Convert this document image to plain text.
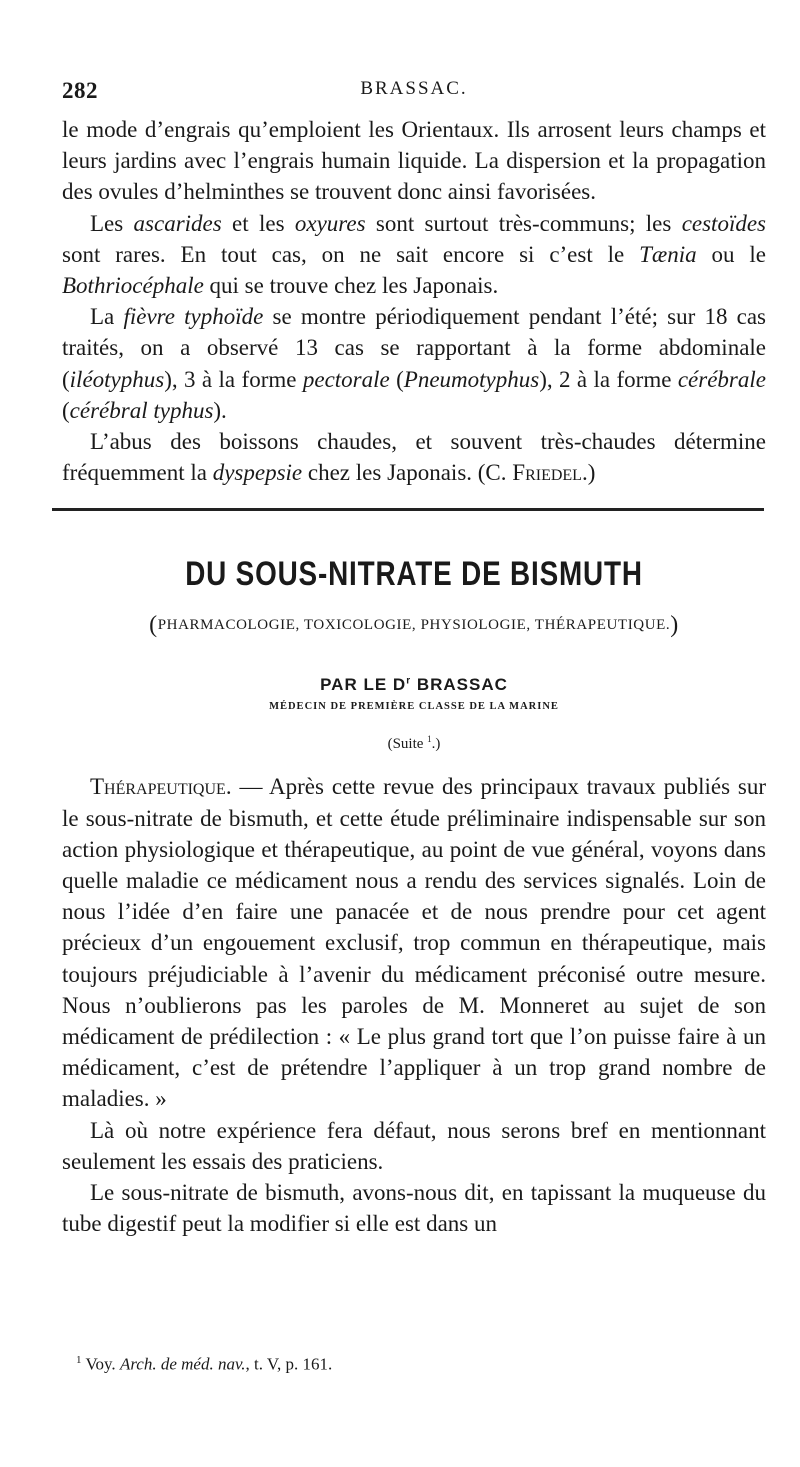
282	BRASSAC.

le mode d’engrais qu’emploient les Orientaux. Ils arrosent leurs champs et leurs jardins avec l’engrais humain liquide. La dispersion et la propagation des ovules d’helminthes se trouvent donc ainsi favorisées.

Les ascarides et les oxyures sont surtout très-communs; les cestoïdes sont rares. En tout cas, on ne sait encore si c’est le Tænia ou le Bothriocéphale qui se trouve chez les Japonais.

La fièvre typhoïde se montre périodiquement pendant l’été; sur 18 cas traités, on a observé 13 cas se rapportant à la forme abdominale (iléotyphus), 3 à la forme pectorale (Pneumotyphus), 2 à la forme cérébrale (cérébral typhus).

L’abus des boissons chaudes, et souvent très-chaudes détermine fréquemment la dyspepsie chez les Japonais. (C. Friedel.)

DU SOUS-NITRATE DE BISMUTH
(PHARMACOLOGIE, TOXICOLOGIE, PHYSIOLOGIE, THÉRAPEUTIQUE.)
PAR LE $D^r$ BRASSAC
MÉDECIN DE PREMIÈRE CLASSE DE LA MARINE
(Suite $^1$.)

Thérapeutique. — Après cette revue des principaux travaux publiés sur le sous-nitrate de bismuth, et cette étude préliminaire indispensable sur son action physiologique et thérapeutique, au point de vue général, voyons dans quelle maladie ce médicament nous a rendu des services signalés. Loin de nous l’idée d’en faire une panacée et de nous prendre pour cet agent précieux d’un engouement exclusif, trop commun en thérapeutique, mais toujours préjudiciable à l’avenir du médicament préconisé outre mesure. Nous n’oublierons pas les paroles de M. Monneret au sujet de son médicament de prédilection : « Le plus grand tort que l’on puisse faire à un médicament, c’est de prétendre l’appliquer à un trop grand nombre de maladies. »

Là où notre expérience fera défaut, nous serons bref en mentionnant seulement les essais des praticiens.

Le sous-nitrate de bismuth, avons-nous dit, en tapissant la muqueuse du tube digestif peut la modifier si elle est dans un

$^1$ Voy. Arch. de méd. nav., t. V, p. 161.
